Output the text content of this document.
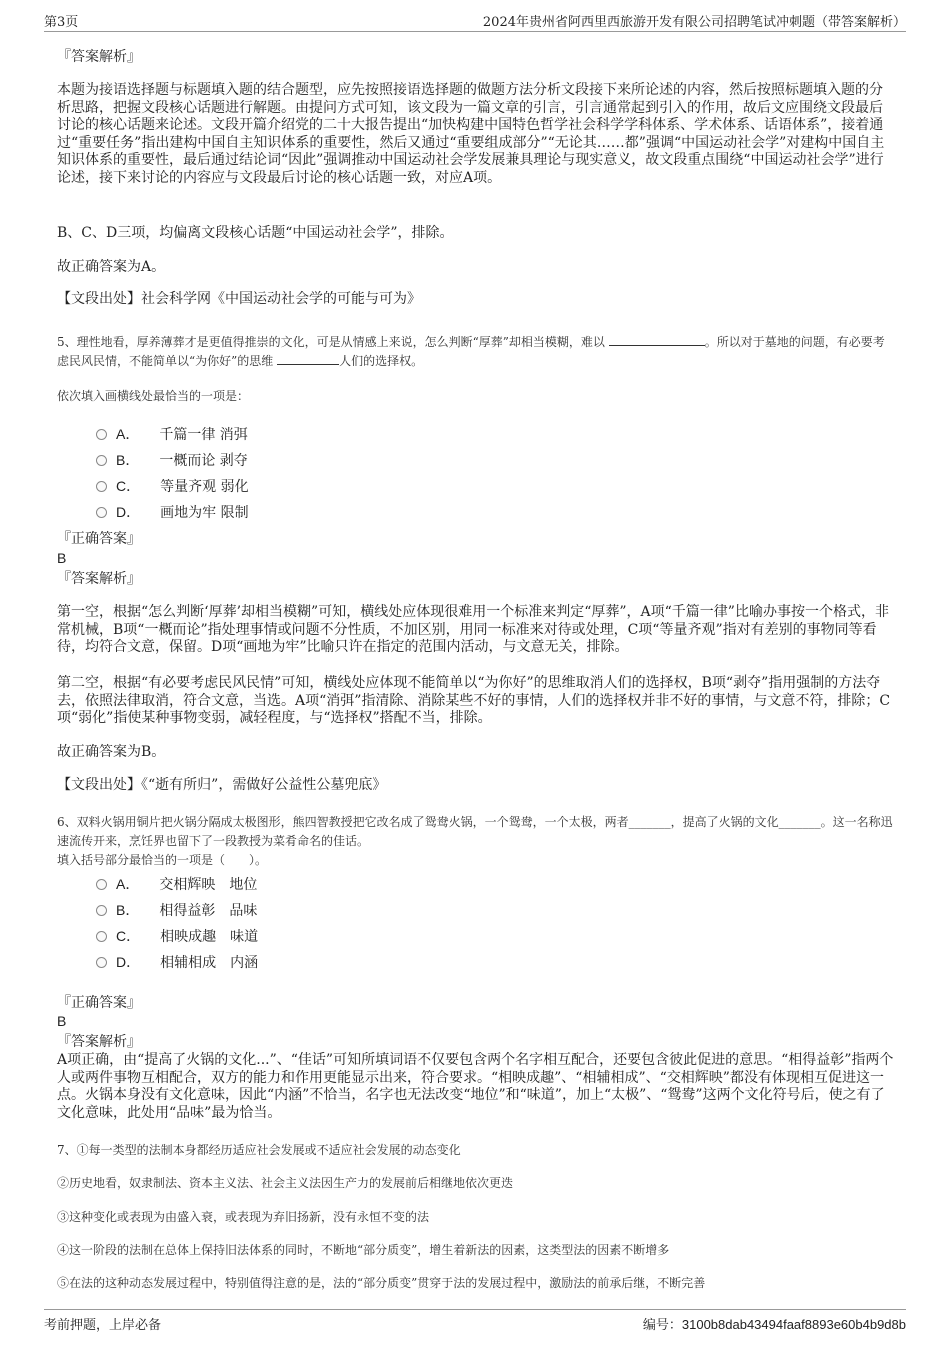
第3页	2024年贵州省阿西里西旅游开发有限公司招聘笔试冲刺题（带答案解析）
『答案解析』

本题为接语选择题与标题填入题的结合题型，应先按照接语选择题的做题方法分析文段接下来所论述的内容，然后按照标题填入题的分析思路，把握文段核心话题进行解题。由提问方式可知，该文段为一篇文章的引言，引言通常起到引入的作用，故后文应围绕文段最后讨论的核心话题来论述。文段开篇介绍党的二十大报告提出“加快构建中国特色哲学社会科学学科体系、学术体系、话语体系”，接着通过“重要任务”指出建构中国自主知识体系的重要性，然后又通过“重要组成部分”“无论其……都”强调“中国运动社会学”对建构中国自主知识体系的重要性，最后通过结论词“因此”强调推动中国运动社会学发展兼具理论与现实意义，故文段重点围绕“中国运动社会学”进行论述，接下来讨论的内容应与文段最后讨论的核心话题一致，对应A项。

B、C、D三项，均偏离文段核心话题“中国运动社会学”，排除。

故正确答案为A。

【文段出处】社会科学网《中国运动社会学的可能与可为》

5、理性地看，厚养薄葬才是更值得推崇的文化，可是从情感上来说，怎么判断“厚葬”却相当模糊，难以	。所以对于墓地的问题，有必要考虑民风民情，不能简单以“为你好”的思维	人们的选择权。

依次填入画横线处最恰当的一项是：

A． 千篇一律 消弭
B． 一概而论 剥夺
C． 等量齐观 弱化
D． 画地为牢 限制
『正确答案』
B
『答案解析』

第一空，根据“怎么判断‘厚葬’却相当模糊”可知，横线处应体现很难用一个标准来判定“厚葬”，A项“千篇一律”比喻办事按一个格式，非常机械，B项“一概而论”指处理事情或问题不分性质，不加区别，用同一标准来对待或处理，C项“等量齐观”指对有差别的事物同等看待，均符合文意，保留。D项“画地为牢”比喻只许在指定的范围内活动，与文意无关，排除。

第二空，根据“有必要考虑民风民情”可知，横线处应体现不能简单以“为你好”的思维取消人们的选择权，B项“剥夺”指用强制的方法夺去，依照法律取消，符合文意，当选。A项“消弭”指清除、消除某些不好的事情，人们的选择权并非不好的事情，与文意不符，排除；C项“弱化”指使某种事物变弱，减轻程度，与“选择权”搭配不当，排除。

故正确答案为B。

【文段出处】《“逝有所归”，需做好公益性公墓兜底》

6、双料火锅用铜片把火锅分隔成太极图形，熊四智教授把它改名成了鸳鸯火锅，一个鸳鸯，一个太极，两者_______，提高了火锅的文化_______。这一名称迅速流传开来，烹饪界也留下了一段教授为菜肴命名的佳话。

填入括号部分最恰当的一项是（　　）。

A． 交相辉映　地位
B． 相得益彰　品味
C． 相映成趣　味道
D． 相辅相成　内涵
『正确答案』
B
『答案解析』

A项正确，由“提高了火锅的文化...”、“佳话”可知所填词语不仅要包含两个名字相互配合，还要包含彼此促进的意思。“相得益彰”指两个人或两件事物互相配合，双方的能力和作用更能显示出来，符合要求。“相映成趣”、“相辅相成”、“交相辉映”都没有体现相互促进这一点。火锅本身没有文化意味，因此“内涵”不恰当，名字也无法改变“地位”和“味道”，加上“太极”、“鸳鸯”这两个文化符号后，使之有了文化意味，此处用“品味”最为恰当。

7、①每一类型的法制本身都经历适应社会发展或不适应社会发展的动态变化

②历史地看，奴隶制法、资本主义法、社会主义法因生产力的发展前后相继地依次更迭

③这种变化或表现为由盛入衰，或表现为弃旧扬新，没有永恒不变的法

④这一阶段的法制在总体上保持旧法体系的同时，不断地“部分质变”，增生着新法的因素，这类型法的因素不断增多

⑤在法的这种动态发展过程中，特别值得注意的是，法的“部分质变”贯穿于法的发展过程中，激励法的前承后继，不断完善

考前押题，上岸必备	编号：3100b8dab43494faaf8893e60b4b9d8b
